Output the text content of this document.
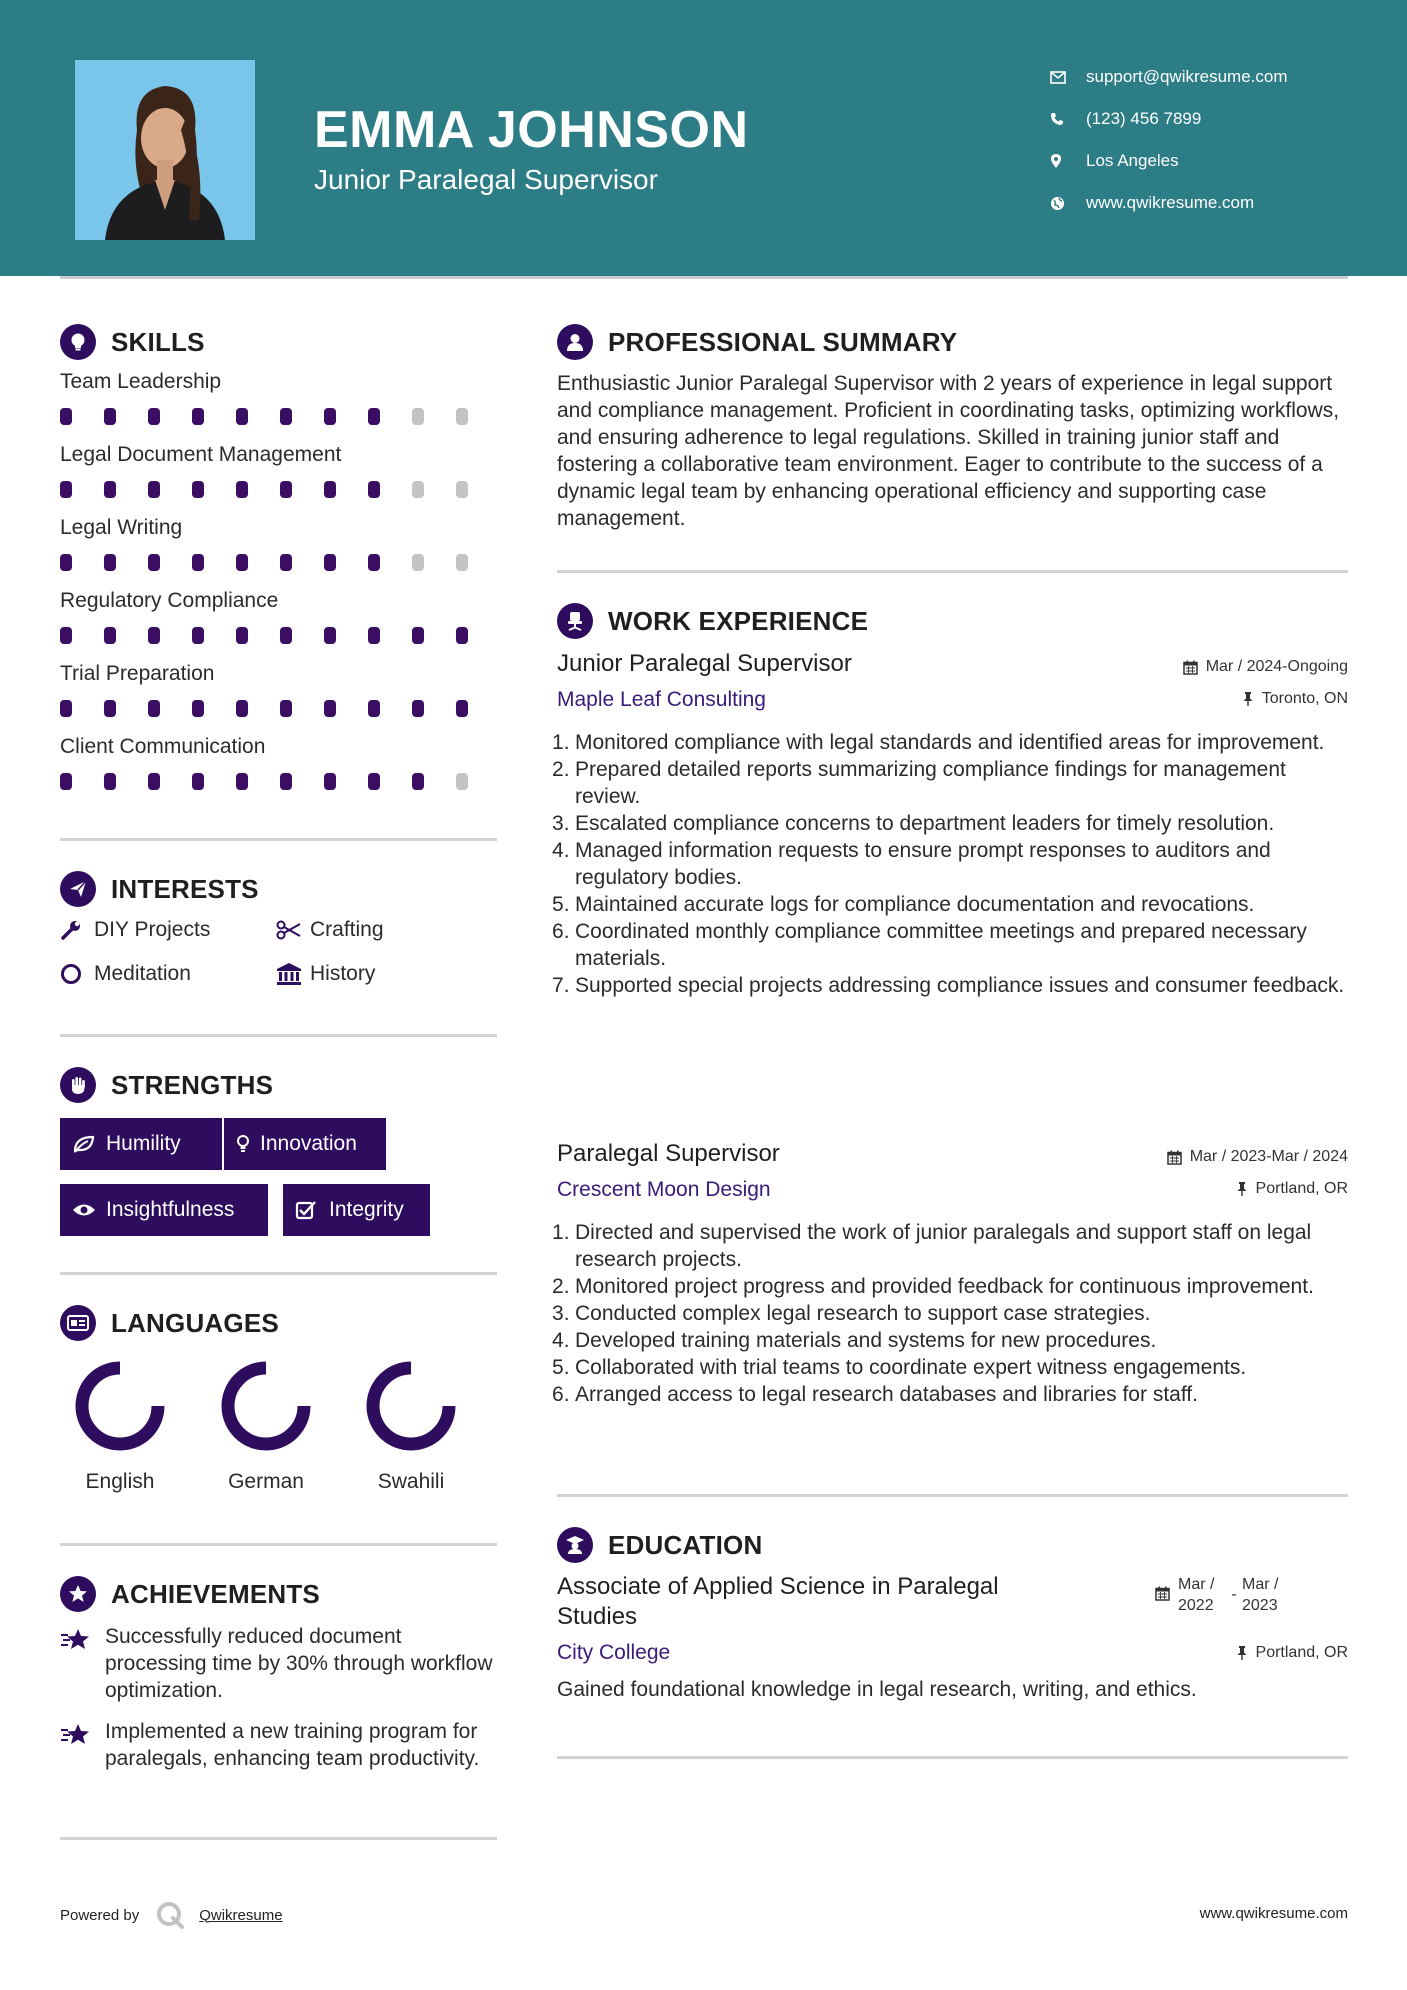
EMMA JOHNSON
Junior Paralegal Supervisor
support@qwikresume.com
(123) 456 7899
Los Angeles
www.qwikresume.com
SKILLS
Team Leadership
Legal Document Management
Legal Writing
Regulatory Compliance
Trial Preparation
Client Communication
INTERESTS
DIY Projects	Crafting
Meditation	History
STRENGTHS
Humility	Innovation
Insightfulness	Integrity
LANGUAGES
English	German	Swahili
ACHIEVEMENTS
Successfully reduced document processing time by 30% through workflow optimization.
Implemented a new training program for paralegals, enhancing team productivity.
PROFESSIONAL SUMMARY
Enthusiastic Junior Paralegal Supervisor with 2 years of experience in legal support and compliance management. Proficient in coordinating tasks, optimizing workflows, and ensuring adherence to legal regulations. Skilled in training junior staff and fostering a collaborative team environment. Eager to contribute to the success of a dynamic legal team by enhancing operational efficiency and supporting case management.
WORK EXPERIENCE
Junior Paralegal Supervisor	Mar / 2024-Ongoing
Maple Leaf Consulting	Toronto, ON
Monitored compliance with legal standards and identified areas for improvement.
Prepared detailed reports summarizing compliance findings for management review.
Escalated compliance concerns to department leaders for timely resolution.
Managed information requests to ensure prompt responses to auditors and regulatory bodies.
Maintained accurate logs for compliance documentation and revocations.
Coordinated monthly compliance committee meetings and prepared necessary materials.
Supported special projects addressing compliance issues and consumer feedback.
Paralegal Supervisor	Mar / 2023-Mar / 2024
Crescent Moon Design	Portland, OR
Directed and supervised the work of junior paralegals and support staff on legal research projects.
Monitored project progress and provided feedback for continuous improvement.
Conducted complex legal research to support case strategies.
Developed training materials and systems for new procedures.
Collaborated with trial teams to coordinate expert witness engagements.
Arranged access to legal research databases and libraries for staff.
EDUCATION
Associate of Applied Science in Paralegal Studies
Mar / 2022
-
Mar / 2023
City College	Portland, OR
Gained foundational knowledge in legal research, writing, and ethics.
Powered by	Qwikresume	www.qwikresume.com
